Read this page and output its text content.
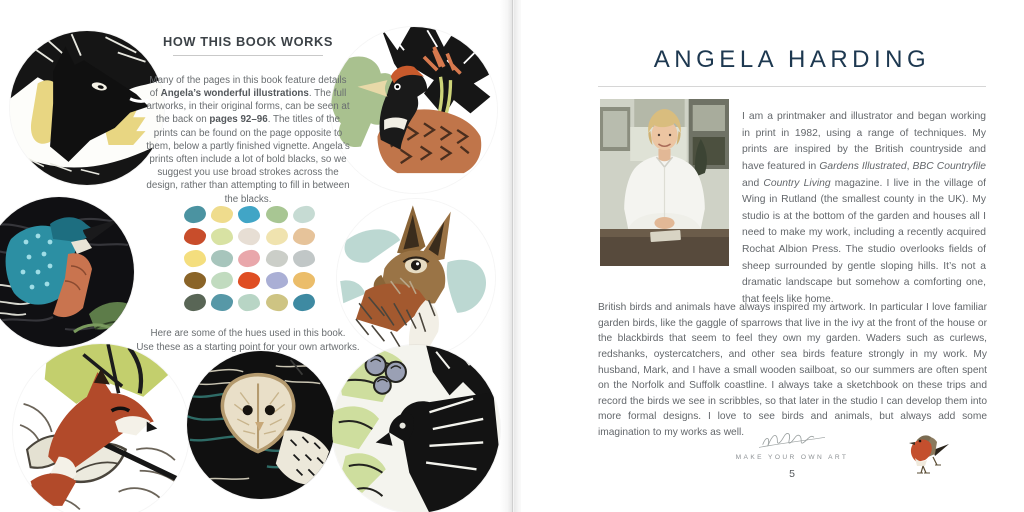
HOW THIS BOOK WORKS

Many of the pages in this book feature details of Angela’s wonderful illustrations. The full artworks, in their original forms, can be seen at the back on pages 92–96. The titles of the prints can be found on the page opposite to them, below a partly finished vignette. Angela’s prints often include a lot of bold blacks, so we suggest you use broad strokes across the design, rather than attempting to fill in between the blacks.

Here are some of the hues used in this book.
Use these as a starting point for your own artworks.
ANGELA HARDING

I am a printmaker and illustrator and began working in print in 1982, using a range of techniques. My prints are inspired by the British countryside and have featured in Gardens Illustrated, BBC Countryfile and Country Living magazine. I live in the village of Wing in Rutland (the smallest county in the UK). My studio is at the bottom of the garden and houses all I need to make my work, including a recently acquired Rochat Albion Press. The studio overlooks fields of sheep surrounded by gentle sloping hills. It’s not a dramatic landscape but somehow a comforting one, that feels like home.

British birds and animals have always inspired my artwork. In particular I love familiar garden birds, like the gaggle of sparrows that live in the ivy at the front of the house or the blackbirds that seem to feel they own my garden. Waders such as curlews, redshanks, oystercatchers, and other sea birds feature strongly in my work. My husband, Mark, and I have a small wooden sailboat, so our summers are often spent on the Norfolk and Suffolk coastline. I always take a sketchbook on these trips and record the birds we see in scribbles, so that later in the studio I can develop them into more formal designs. I love to see birds and animals, but always add some imagination to my works as well.

MAKE YOUR OWN ART
5
